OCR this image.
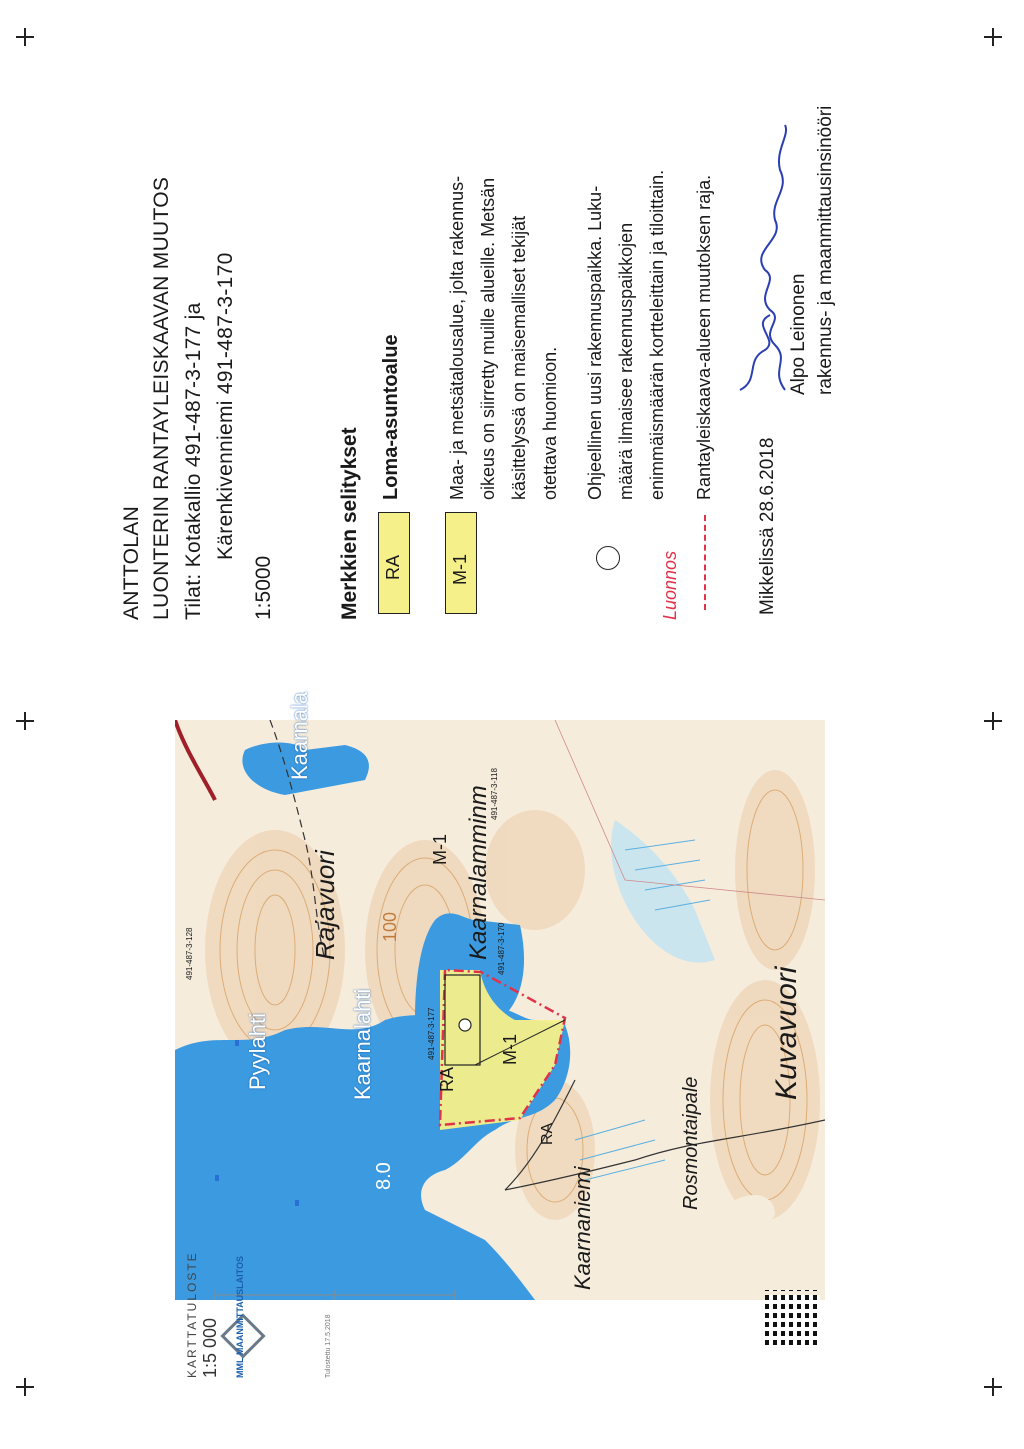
Pyylahti	Kaarnalahti
Rajavuori	Kaarnalamminm
Kaarnala
Kaarnaniemi
Rosmontaipale
Kuvavuori
8.0
100
RA
RA
M-1
M-1
491-487-3-177
491-487-3-170
491-487-3-128
491-487-3-118
KARTTATULOSTE 1:5 000 MML MAANMITTAUSLAITOS	Tulostettu 17.5.2018
Luonnos
ANTTOLAN LUONTERIN RANTAYLEISKAAVAN MUUTOS Tilat: Kotakallio 491-487-3-177 ja Kärenkivenniemi 491-487-3-170
1:5000	Merkkien selitykset RA
Loma-asuntoalue
M-1
Maa- ja metsätalousalue, jolta rakennus- oikeus on siirretty muille alueille. Metsän käsittelyssä on maisemalliset tekijät otettava huomioon. Ohjeellinen uusi rakennuspaikka. Luku- määrä ilmaisee rakennuspaikkojen enimmäismäärän kortteleittain ja tiloittain. Rantayleiskaava-alueen muutoksen raja.
Mikkelissä 28.6.2018
Alpo Leinonen rakennus- ja maanmittausinsinööri
